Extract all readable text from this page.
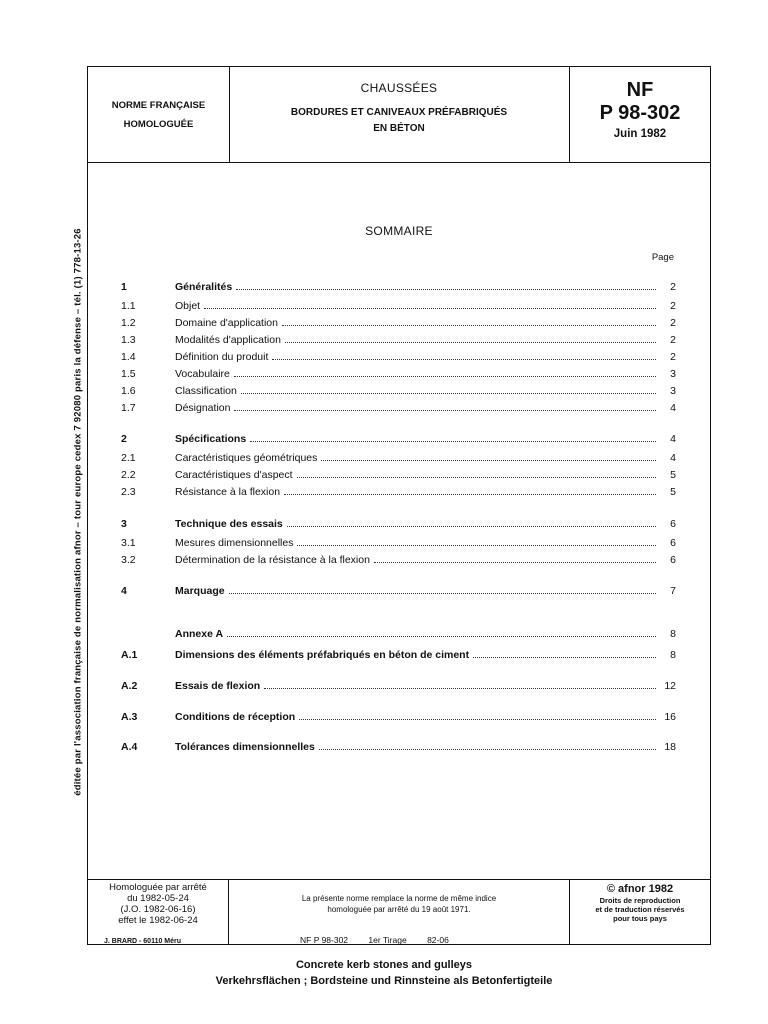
éditée par l'association française de normalisation afnor – tour europe cedex 7 92080 paris la défense – tél. (1) 778-13-26
NORME FRANÇAISE
HOMOLOGUÉE
CHAUSSÉES
BORDURES ET CANIVEAUX PRÉFABRIQUÉS
EN BÉTON
NF
P 98-302
Juin 1982
SOMMAIRE
Page
1	Généralités	2
1.1	Objet	2
1.2	Domaine d'application	2
1.3	Modalités d'application	2
1.4	Définition du produit	2
1.5	Vocabulaire	3
1.6	Classification	3
1.7	Désignation	4
2	Spécifications	4
2.1	Caractéristiques géométriques	4
2.2	Caractéristiques d'aspect	5
2.3	Résistance à la flexion	5
3	Technique des essais	6
3.1	Mesures dimensionnelles	6
3.2	Détermination de la résistance à la flexion	6
4	Marquage	7
Annexe A	8
A.1	Dimensions des éléments préfabriqués en béton de ciment	8
A.2	Essais de flexion	12
A.3	Conditions de réception	16
A.4	Tolérances dimensionnelles	18
Homologuée par arrêté
du 1982-05-24
(J.O. 1982-06-16)
effet le 1982-06-24
La présente norme remplace la norme de même indice
homologuée par arrêté du 19 août 1971.
© afnor 1982
Droits de reproduction
et de traduction réservés
pour tous pays
J. BRARD - 60110 Méru	NF P 98-302 1er Tirage 82-06
Concrete kerb stones and gulleys
Verkehrsflächen ; Bordsteine und Rinnsteine als Betonfertigteile
